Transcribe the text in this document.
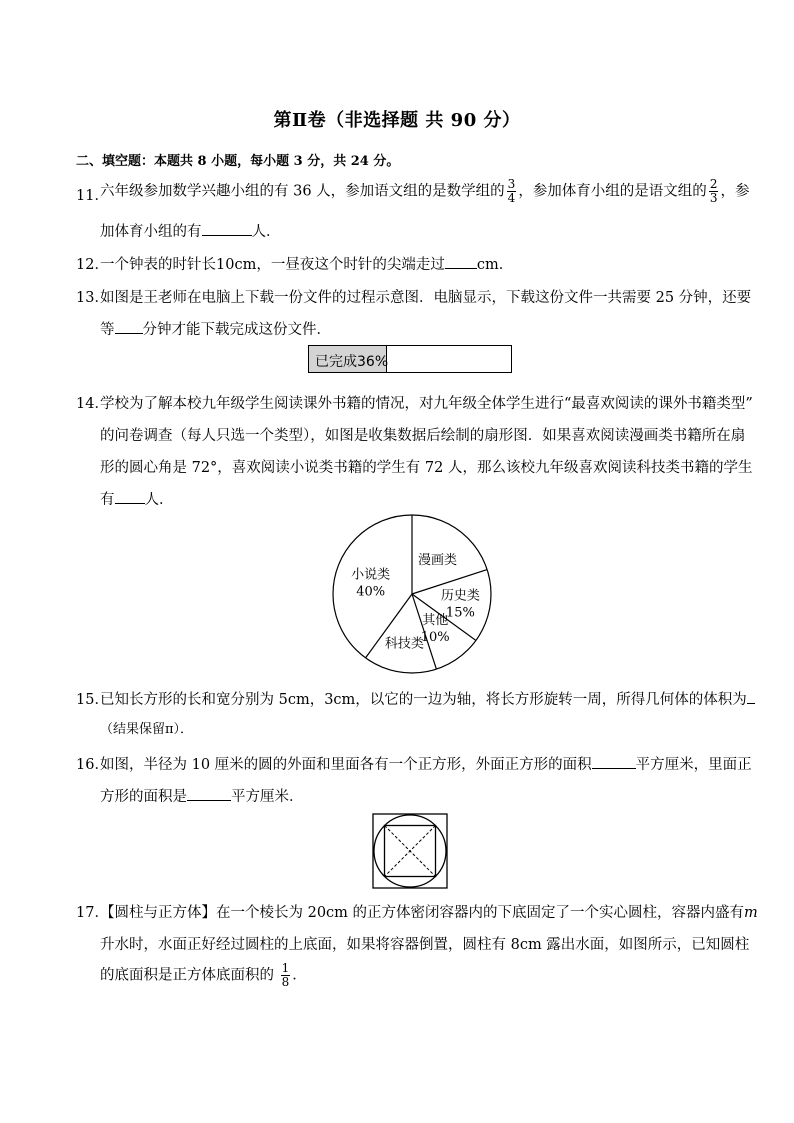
第Ⅱ卷（非选择题 共 90 分）
二、填空题：本题共 8 小题，每小题 3 分，共 24 分。
11．
六年级参加数学兴趣小组的有 36 人，参加语文组的是数学组的 $\frac{3}{4}$ ，参加体育小组的是语文组的 $\frac{2}{3}$ ，参
加体育小组的有	人．
12．
一个钟表的时针长10cm，一昼夜这个时针的尖端走过 cm．
13．
如图是王老师在电脑上下载一份文件的过程示意图．电脑显示，下载这份文件一共需要 25 分钟，还要
等 分钟才能下载完成这份文件．
已完成36%
14．
学校为了解本校九年级学生阅读课外书籍的情况，对九年级全体学生进行“最喜欢阅读的课外书籍类型”
的问卷调查（每人只选一个类型），如图是收集数据后绘制的扇形图．如果喜欢阅读漫画类书籍所在扇
形的圆心角是 72°，喜欢阅读小说类书籍的学生有 72 人，那么该校九年级喜欢阅读科技类书籍的学生
有 人．
漫画类
历史类
15%
其他
10%
科技类
小说类
40%
15．
已知长方形的长和宽分别为 5cm，3cm，以它的一边为轴，将长方形旋转一周，所得几何体的体积为
（结果保留π）．
16．
如图，半径为 10 厘米的圆的外面和里面各有一个正方形，外面正方形的面积	平方厘米，里面正
方形的面积是	平方厘米．
17．
【圆柱与正方体】在一个棱长为 20cm 的正方体密闭容器内的下底固定了一个实心圆柱，容器内盛有m
升水时，水面正好经过圆柱的上底面，如果将容器倒置，圆柱有 8cm 露出水面，如图所示，已知圆柱
的底面积是正方体底面积的 $\frac{1}{8}$ ．
